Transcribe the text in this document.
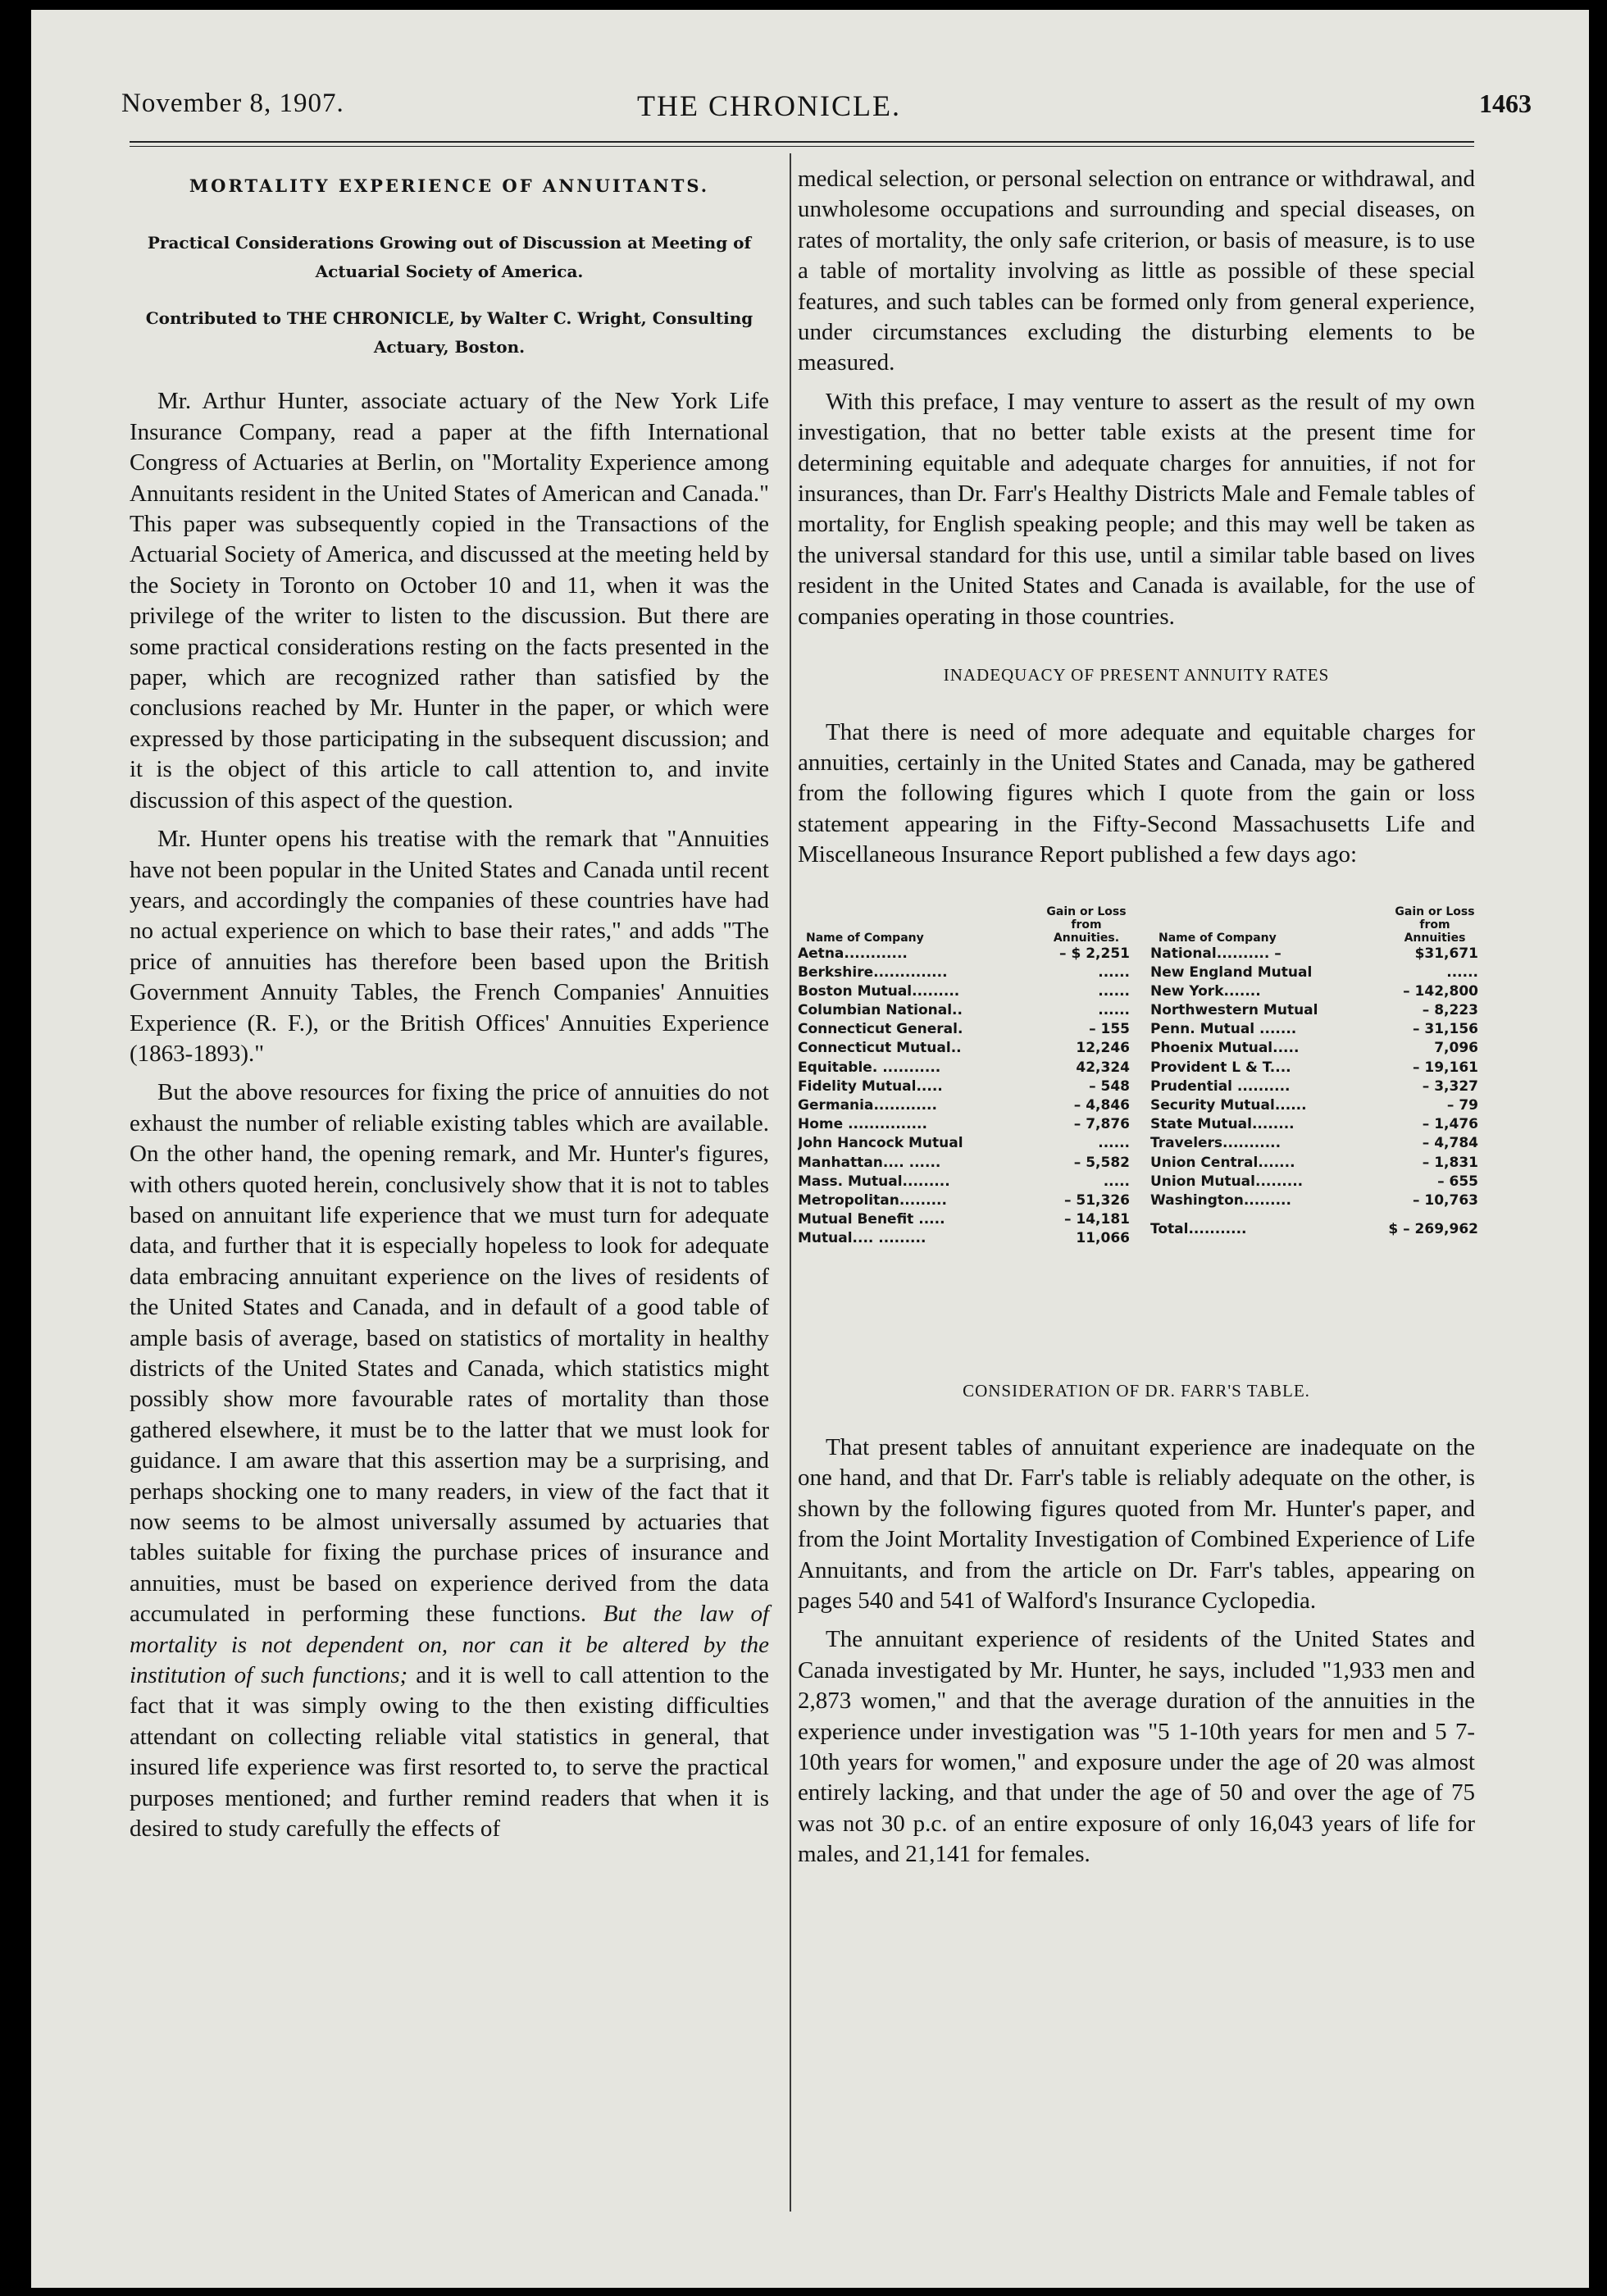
November 8, 1907.	THE CHRONICLE.	1463
MORTALITY EXPERIENCE OF ANNUITANTS.
Practical Considerations Growing out of Discussion at Meeting of Actuarial Society of America.
Contributed to THE CHRONICLE, by Walter C. Wright, Consulting Actuary, Boston.

Mr. Arthur Hunter, associate actuary of the New York Life Insurance Company, read a paper at the fifth International Congress of Actuaries at Berlin, on "Mortality Experience among Annuitants resident in the United States of American and Canada." This paper was subsequently copied in the Transactions of the Actuarial Society of America, and discussed at the meeting held by the Society in Toronto on October 10 and 11, when it was the privilege of the writer to listen to the discussion. But there are some practical considerations resting on the facts presented in the paper, which are recognized rather than satisfied by the conclusions reached by Mr. Hunter in the paper, or which were expressed by those participating in the subsequent discussion; and it is the object of this article to call attention to, and invite discussion of this aspect of the question.

Mr. Hunter opens his treatise with the remark that "Annuities have not been popular in the United States and Canada until recent years, and accordingly the companies of these countries have had no actual experience on which to base their rates," and adds "The price of annuities has therefore been based upon the British Government Annuity Tables, the French Companies' Annuities Experience (R. F.), or the British Offices' Annuities Experience (1863-1893)."

But the above resources for fixing the price of annuities do not exhaust the number of reliable existing tables which are available. On the other hand, the opening remark, and Mr. Hunter's figures, with others quoted herein, conclusively show that it is not to tables based on annuitant life experience that we must turn for adequate data, and further that it is especially hopeless to look for adequate data embracing annuitant experience on the lives of residents of the United States and Canada, and in default of a good table of ample basis of average, based on statistics of mortality in healthy districts of the United States and Canada, which statistics might possibly show more favourable rates of mortality than those gathered elsewhere, it must be to the latter that we must look for guidance. I am aware that this assertion may be a surprising, and perhaps shocking one to many readers, in view of the fact that it now seems to be almost universally assumed by actuaries that tables suitable for fixing the purchase prices of insurance and annuities, must be based on experience derived from the data accumulated in performing these functions. But the law of mortality is not dependent on, nor can it be altered by the institution of such functions; and it is well to call attention to the fact that it was simply owing to the then existing difficulties attendant on collecting reliable vital statistics in general, that insured life experience was first resorted to, to serve the practical purposes mentioned; and further remind readers that when it is desired to study carefully the effects of

medical selection, or personal selection on entrance or withdrawal, and unwholesome occupations and surrounding and special diseases, on rates of mortality, the only safe criterion, or basis of measure, is to use a table of mortality involving as little as possible of these special features, and such tables can be formed only from general experience, under circumstances excluding the disturbing elements to be measured.

With this preface, I may venture to assert as the result of my own investigation, that no better table exists at the present time for determining equitable and adequate charges for annuities, if not for insurances, than Dr. Farr's Healthy Districts Male and Female tables of mortality, for English speaking people; and this may well be taken as the universal standard for this use, until a similar table based on lives resident in the United States and Canada is available, for the use of companies operating in those countries.

INADEQUACY OF PRESENT ANNUITY RATES

That there is need of more adequate and equitable charges for annuities, certainly in the United States and Canada, may be gathered from the following figures which I quote from the gain or loss statement appearing in the Fifty-Second Massachusetts Life and Miscellaneous Insurance Report published a few days ago:

Name of Company
Gain or Loss from Annuities.
Aetna............	– $ 2,251
Berkshire..............	......
Boston Mutual.........	......
Columbian National..	......
Connecticut General.	– 155
Connecticut Mutual..	12,246
Equitable. ...........	42,324
Fidelity Mutual.....	– 548
Germania............	– 4,846
Home ...............	– 7,876
John Hancock Mutual	......
Manhattan.... ......	– 5,582
Mass. Mutual.........	.....
Metropolitan.........	– 51,326
Mutual Benefit .....	– 14,181
Mutual.... .........	11,066
Name of Company
Gain or Loss from Annuities
National.......... –	$31,671
New England Mutual	......
New York.......	– 142,800
Northwestern Mutual	– 8,223
Penn. Mutual .......	– 31,156
Phoenix Mutual.....	7,096
Provident L & T....	– 19,161
Prudential ..........	– 3,327
Security Mutual......	– 79
State Mutual........	– 1,476
Travelers...........	– 4,784
Union Central.......	– 1,831
Union Mutual.........	– 655
Washington.........	– 10,763
Total...........	$ – 269,962
CONSIDERATION OF DR. FARR'S TABLE.

That present tables of annuitant experience are inadequate on the one hand, and that Dr. Farr's table is reliably adequate on the other, is shown by the following figures quoted from Mr. Hunter's paper, and from the Joint Mortality Investigation of Combined Experience of Life Annuitants, and from the article on Dr. Farr's tables, appearing on pages 540 and 541 of Walford's Insurance Cyclopedia.

The annuitant experience of residents of the United States and Canada investigated by Mr. Hunter, he says, included "1,933 men and 2,873 women," and that the average duration of the annuities in the experience under investigation was "5 1-10th years for men and 5 7-10th years for women," and exposure under the age of 20 was almost entirely lacking, and that under the age of 50 and over the age of 75 was not 30 p.c. of an entire exposure of only 16,043 years of life for males, and 21,141 for females.
